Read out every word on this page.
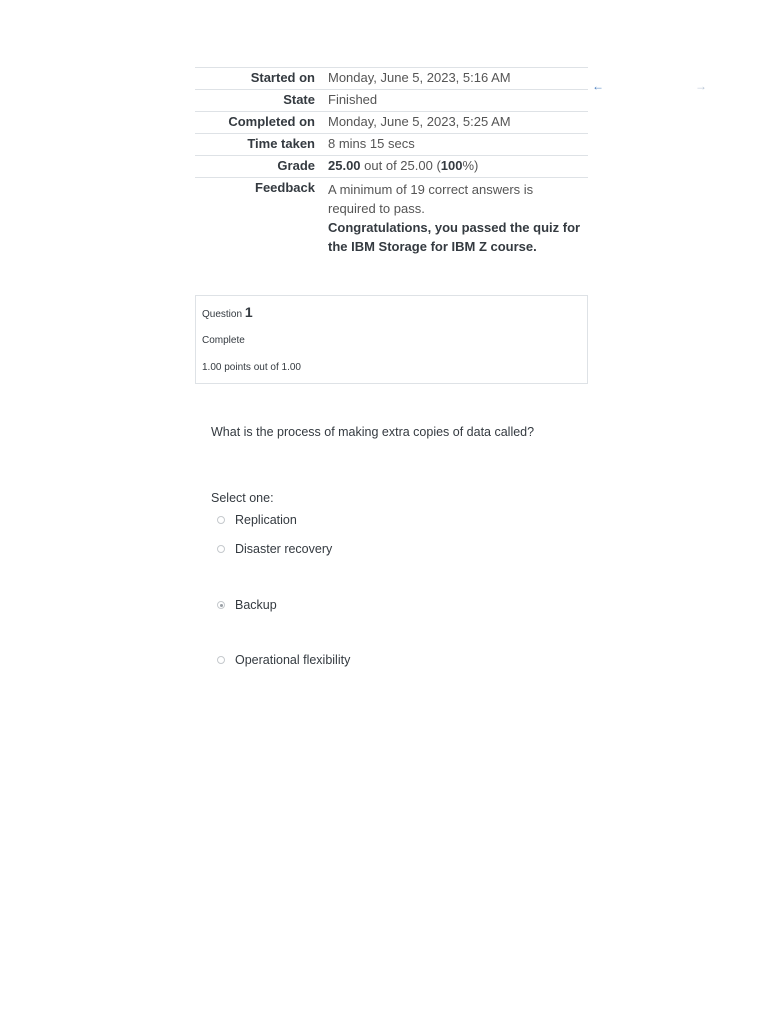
Started on	Monday, June 5, 2023, 5:16 AM
State	Finished
Completed on	Monday, June 5, 2023, 5:25 AM
Time taken	8 mins 15 secs
Grade	25.00 out of 25.00 (100%)
Feedback	A minimum of 19 correct answers is
required to pass.
Congratulations, you passed the quiz for
the IBM Storage for IBM Z course.
←	→
Question 1
Complete
1.00 points out of 1.00
What is the process of making extra copies of data called?
Select one:
Replication
Disaster recovery
Backup
Operational flexibility
